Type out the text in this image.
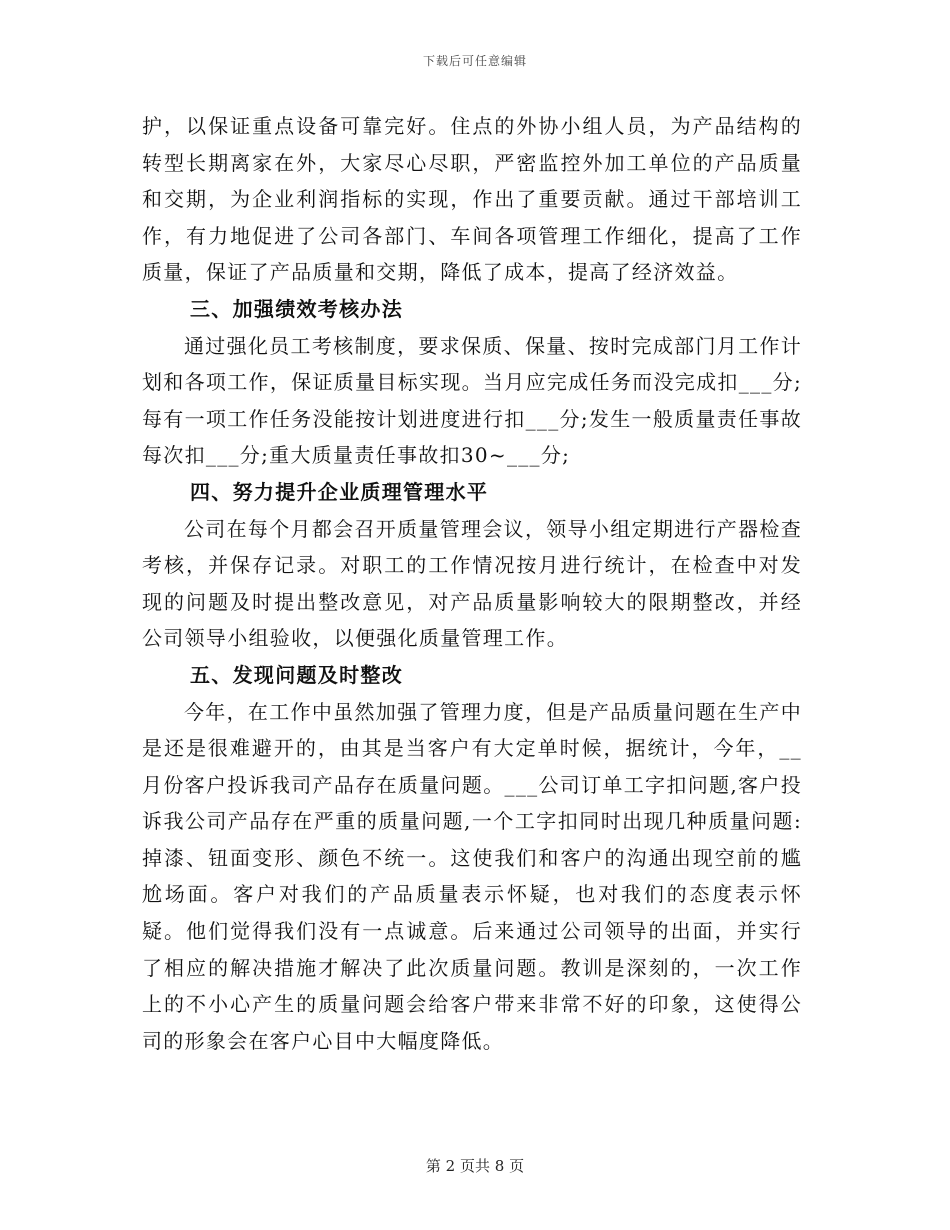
下载后可任意编辑

护，以保证重点设备可靠完好。住点的外协小组人员，为产品结构的转型长期离家在外，大家尽心尽职，严密监控外加工单位的产品质量和交期，为企业利润指标的实现，作出了重要贡献。通过干部培训工作，有力地促进了公司各部门、车间各项管理工作细化，提高了工作质量，保证了产品质量和交期，降低了成本，提高了经济效益。

三、加强绩效考核办法

通过强化员工考核制度，要求保质、保量、按时完成部门月工作计划和各项工作，保证质量目标实现。当月应完成任务而没完成扣___分;每有一项工作任务没能按计划进度进行扣___分;发生一般质量责任事故每次扣___分;重大质量责任事故扣30~___分;

四、努力提升企业质理管理水平

公司在每个月都会召开质量管理会议，领导小组定期进行产器检查考核，并保存记录。对职工的工作情况按月进行统计，在检查中对发现的问题及时提出整改意见，对产品质量影响较大的限期整改，并经公司领导小组验收，以便强化质量管理工作。

五、发现问题及时整改

今年，在工作中虽然加强了管理力度，但是产品质量问题在生产中是还是很难避开的，由其是当客户有大定单时候，据统计，今年，__月份客户投诉我司产品存在质量问题。___公司订单工字扣问题,客户投诉我公司产品存在严重的质量问题,一个工字扣同时出现几种质量问题:掉漆、钮面变形、颜色不统一。这使我们和客户的沟通出现空前的尴尬场面。客户对我们的产品质量表示怀疑，也对我们的态度表示怀疑。他们觉得我们没有一点诚意。后来通过公司领导的出面，并实行了相应的解决措施才解决了此次质量问题。教训是深刻的，一次工作上的不小心产生的质量问题会给客户带来非常不好的印象，这使得公司的形象会在客户心目中大幅度降低。

第 2 页共 8 页
